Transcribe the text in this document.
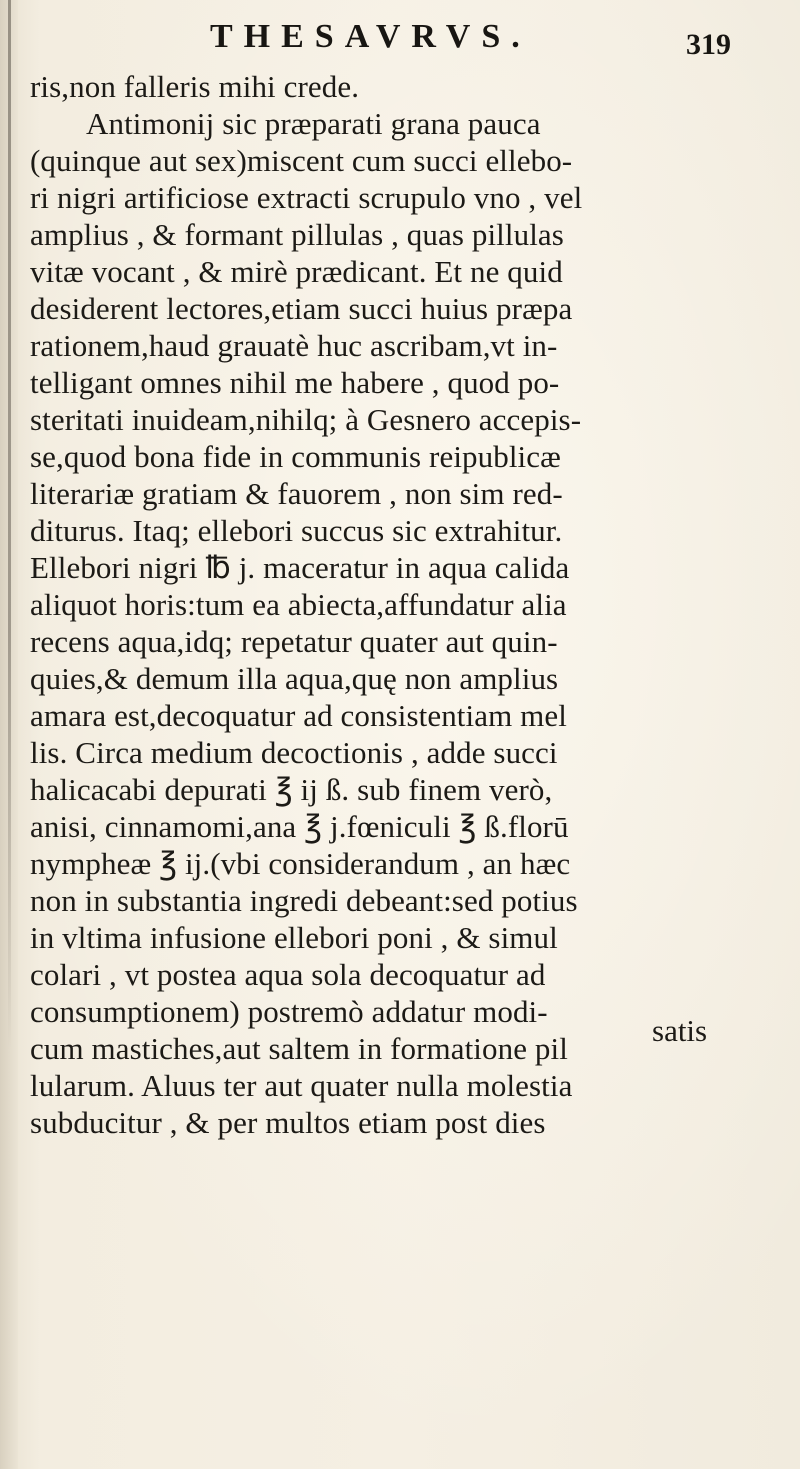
THESAVRVS.	319
ris,non falleris mihi crede.
Antimonij sic præparati grana pauca
(quinque aut sex)miscent cum succi ellebo-
ri nigri artificiose extracti scrupulo vno , vel
amplius , & formant pillulas , quas pillulas
vitæ vocant , & mirè prædicant. Et ne quid
desiderent lectores,etiam succi huius præpa
rationem,haud grauatè huc ascribam,vt in-
telligant omnes nihil me habere , quod po-
steritati inuideam,nihilq; à Gesnero accepis-
se,quod bona fide in communis reipublicæ
literariæ gratiam & fauorem , non sim red-
diturus. Itaq; ellebori succus sic extrahitur.
Ellebori nigri ℔ j. maceratur in aqua calida
aliquot horis:tum ea abiecta,affundatur alia
recens aqua,idq; repetatur quater aut quin-
quies,& demum illa aqua,quę non amplius
amara est,decoquatur ad consistentiam mel
lis. Circa medium decoctionis , adde succi
halicacabi depurati ℥ ij ß. sub finem verò,
anisi, cinnamomi,ana ℥ j.fœniculi ℥ ß.florū
nympheæ ℥ ij.(vbi considerandum , an hæc
non in substantia ingredi debeant:sed potius
in vltima infusione ellebori poni , & simul
colari , vt postea aqua sola decoquatur ad
consumptionem) postremò addatur modi-
cum mastiches,aut saltem in formatione pil
lularum. Aluus ter aut quater nulla molestia
subducitur , & per multos etiam post dies
satis
